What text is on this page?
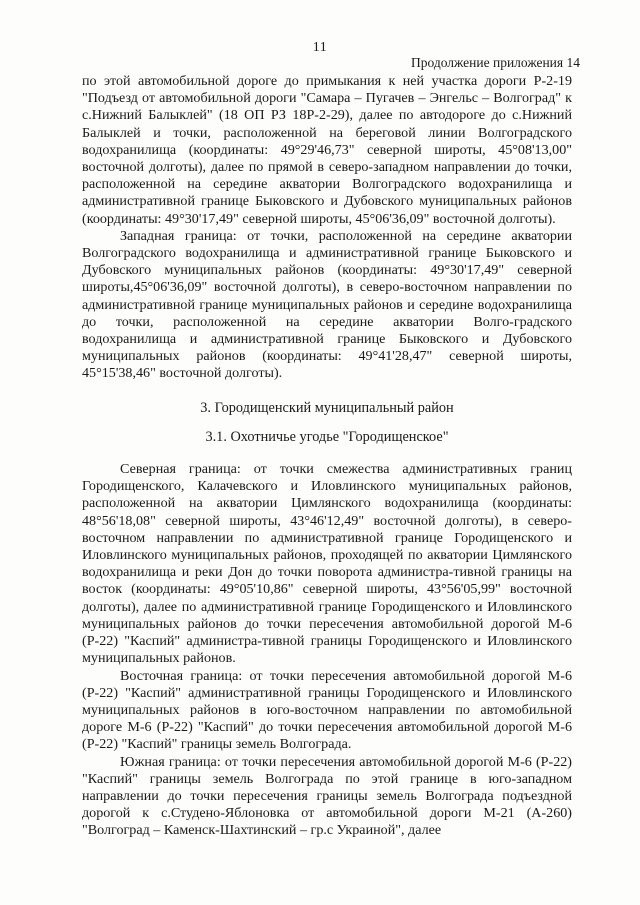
11
Продолжение приложения 14

по этой автомобильной дороге до примыкания к ней участка дороги Р-2-19 "Подъезд от автомобильной дороги "Самара – Пугачев – Энгельс – Волгоград" к с.Нижний Балыклей" (18 ОП РЗ 18Р-2-29), далее по автодороге до с.Нижний Балыклей и точки, расположенной на береговой линии Волгоградского водохранилища (координаты: 49°29'46,73" северной широты, 45°08'13,00" восточной долготы), далее по прямой в северо-западном направлении до точки, расположенной на середине акватории Волгоградского водохранилища и административной границе Быковского и Дубовского муниципальных районов (координаты: 49°30'17,49" северной широты, 45°06'36,09" восточной долготы).

Западная граница: от точки, расположенной на середине акватории Волгоградского водохранилища и административной границе Быковского и Дубовского муниципальных районов (координаты: 49°30'17,49" северной широты,45°06'36,09" восточной долготы), в северо-восточном направлении по административной границе муниципальных районов и середине водохранилища до точки, расположенной на середине акватории Волго-градского водохранилища и административной границе Быковского и Дубовского муниципальных районов (координаты: 49°41'28,47" северной широты, 45°15'38,46" восточной долготы).

3. Городищенский муниципальный район
3.1. Охотничье угодье "Городищенское"

Северная граница: от точки смежества административных границ Городищенского, Калачевского и Иловлинского муниципальных районов, расположенной на акватории Цимлянского водохранилища (координаты: 48°56'18,08" северной широты, 43°46'12,49" восточной долготы), в северо-восточном направлении по административной границе Городищенского и Иловлинского муниципальных районов, проходящей по акватории Цимлянского водохранилища и реки Дон до точки поворота администра-тивной границы на восток (координаты: 49°05'10,86" северной широты, 43°56'05,99" восточной долготы), далее по административной границе Городищенского и Иловлинского муниципальных районов до точки пересечения автомобильной дорогой М-6 (Р-22) "Каспий" администра-тивной границы Городищенского и Иловлинского муниципальных районов.

Восточная граница: от точки пересечения автомобильной дорогой М-6 (Р-22) "Каспий" административной границы Городищенского и Иловлинского муниципальных районов в юго-восточном направлении по автомобильной дороге М-6 (Р-22) "Каспий" до точки пересечения автомобильной дорогой М-6 (Р-22) "Каспий" границы земель Волгограда.

Южная граница: от точки пересечения автомобильной дорогой М-6 (Р-22) "Каспий" границы земель Волгограда по этой границе в юго-западном направлении до точки пересечения границы земель Волгограда подъездной дорогой к с.Студено-Яблоновка от автомобильной дороги М-21 (А-260) "Волгоград – Каменск-Шахтинский – гр.с Украиной", далее
